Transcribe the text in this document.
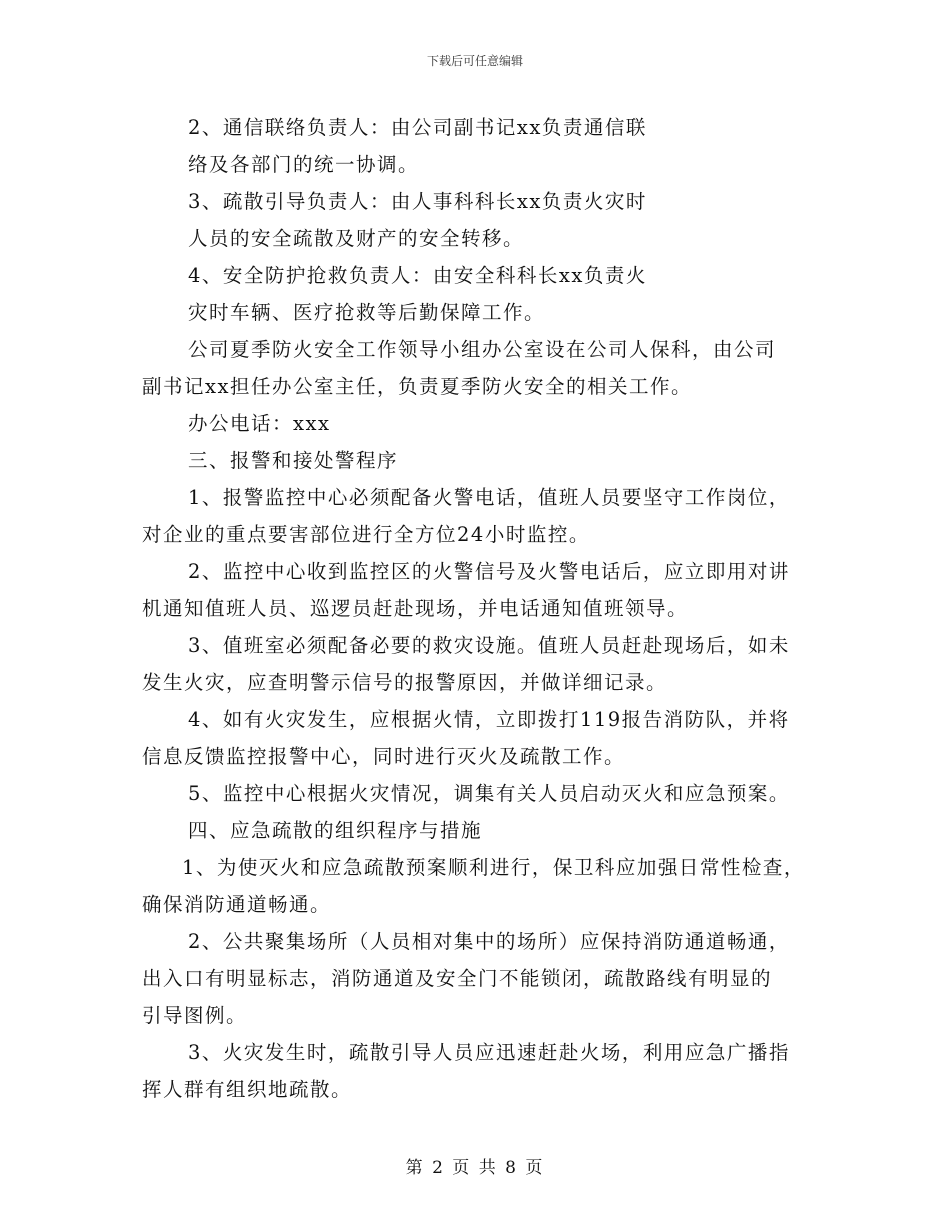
下载后可任意编辑
2、通信联络负责人：由公司副书记xx负责通信联
络及各部门的统一协调。
3、疏散引导负责人：由人事科科长xx负责火灾时
人员的安全疏散及财产的安全转移。
4、安全防护抢救负责人：由安全科科长xx负责火
灾时车辆、医疗抢救等后勤保障工作。
公司夏季防火安全工作领导小组办公室设在公司人保科，由公司
副书记xx担任办公室主任，负责夏季防火安全的相关工作。
办公电话：xxx
三、报警和接处警程序
1、报警监控中心必须配备火警电话，值班人员要坚守工作岗位，
对企业的重点要害部位进行全方位24小时监控。
2、监控中心收到监控区的火警信号及火警电话后，应立即用对讲
机通知值班人员、巡逻员赶赴现场，并电话通知值班领导。
3、值班室必须配备必要的救灾设施。值班人员赶赴现场后，如未
发生火灾，应查明警示信号的报警原因，并做详细记录。
4、如有火灾发生，应根据火情，立即拨打119报告消防队，并将
信息反馈监控报警中心，同时进行灭火及疏散工作。
5、监控中心根据火灾情况，调集有关人员启动灭火和应急预案。
四、应急疏散的组织程序与措施
1、为使灭火和应急疏散预案顺利进行，保卫科应加强日常性检查，
确保消防通道畅通。
2、公共聚集场所（人员相对集中的场所）应保持消防通道畅通，
出入口有明显标志，消防通道及安全门不能锁闭，疏散路线有明显的
引导图例。
3、火灾发生时，疏散引导人员应迅速赶赴火场，利用应急广播指
挥人群有组织地疏散。
第 2 页 共 8 页
